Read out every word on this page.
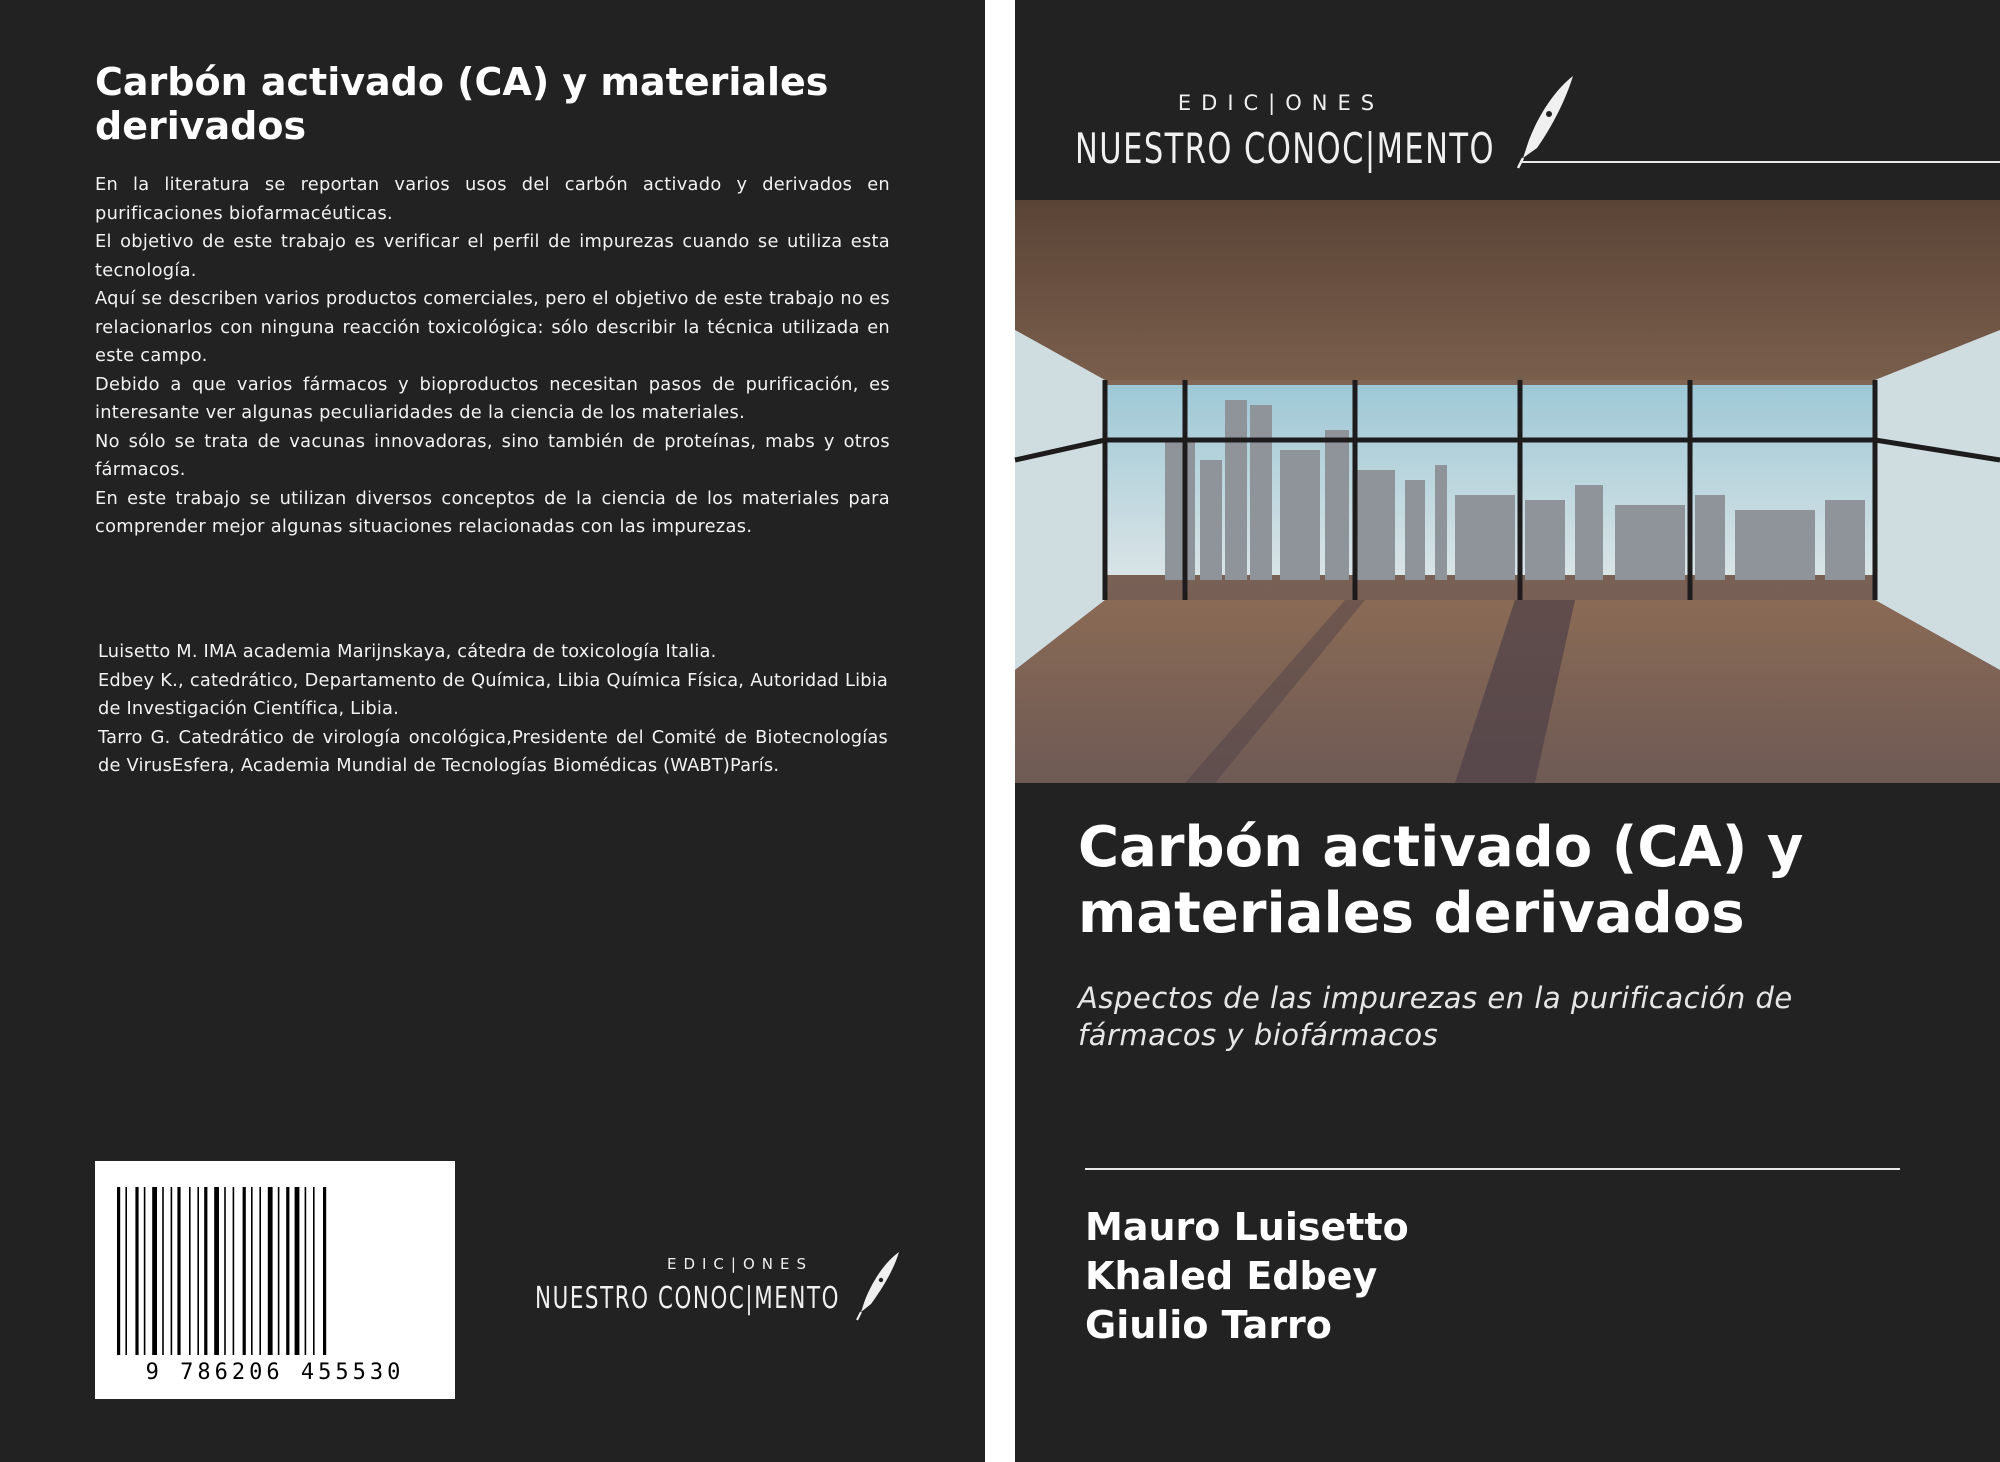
Carbón activado (CA) y materiales derivados

En la literatura se reportan varios usos del carbón activado y derivados en purificaciones biofarmacéuticas.

El objetivo de este trabajo es verificar el perfil de impurezas cuando se utiliza esta tecnología.

Aquí se describen varios productos comerciales, pero el objetivo de este trabajo no es relacionarlos con ninguna reacción toxicológica: sólo describir la técnica utilizada en este campo.

Debido a que varios fármacos y bioproductos necesitan pasos de purificación, es interesante ver algunas peculiaridades de la ciencia de los materiales.

No sólo se trata de vacunas innovadoras, sino también de proteínas, mabs y otros fármacos.

En este trabajo se utilizan diversos conceptos de la ciencia de los materiales para comprender mejor algunas situaciones relacionadas con las impurezas.

Luisetto M. IMA academia Marijnskaya, cátedra de toxicología Italia.

Edbey K., catedrático, Departamento de Química, Libia Química Física, Autoridad Libia de Investigación Científica, Libia.

Tarro G. Catedrático de virología oncológica,Presidente del Comité de Biotecnologías de VirusEsfera, Academia Mundial de Tecnologías Biomédicas (WABT)París.

9 786206 455530
EDIC|ONES
NUESTRO CONOC|MENTO
EDIC|ONES
NUESTRO CONOC|MENTO
Carbón activado (CA) y materiales derivados
Aspectos de las impurezas en la purificación de fármacos y biofármacos
Mauro Luisetto
Khaled Edbey
Giulio Tarro
